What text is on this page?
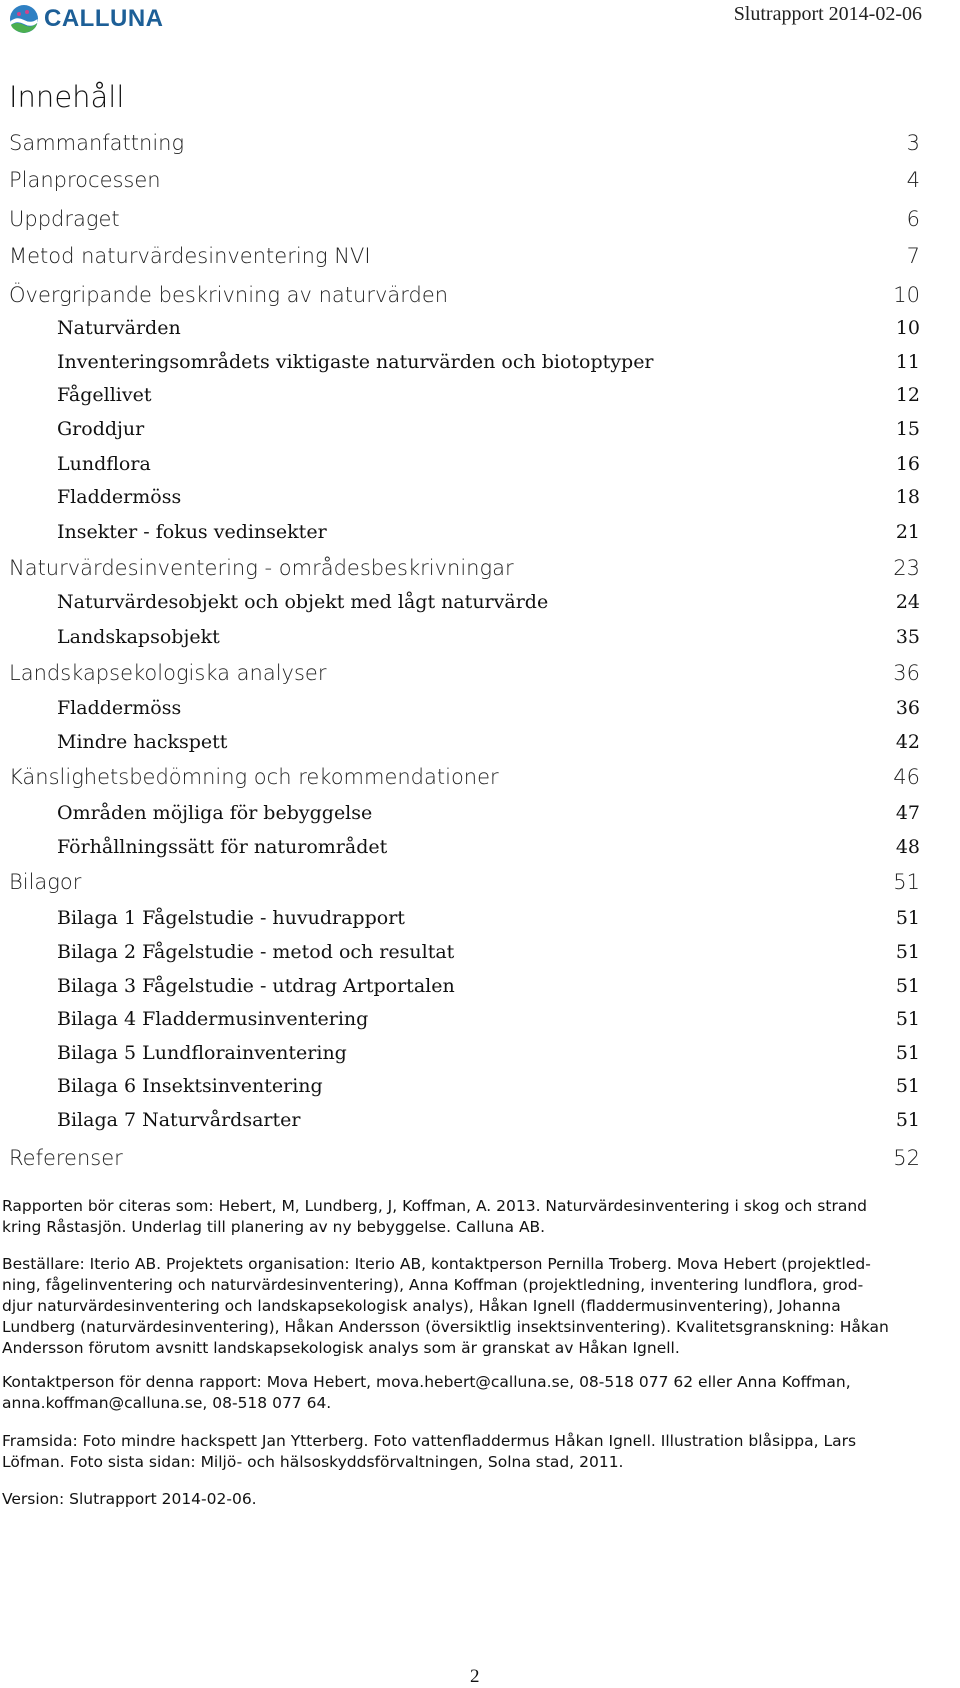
CALLUNA	Slutrapport 2014-02-06
Innehåll
Sammanfattning	3
Planprocessen	4
Uppdraget	6
Metod naturvärdesinventering NVI	7
Övergripande beskrivning av naturvärden	10
Naturvärden	10
Inventeringsområdets viktigaste naturvärden och biotoptyper	11
Fågellivet	12
Groddjur	15
Lundflora	16
Fladdermöss	18
Insekter - fokus vedinsekter	21
Naturvärdesinventering - områdesbeskrivningar	23
Naturvärdesobjekt och objekt med lågt naturvärde	24
Landskapsobjekt	35
Landskapsekologiska analyser	36
Fladdermöss	36
Mindre hackspett	42
Känslighetsbedömning och rekommendationer	46
Områden möjliga för bebyggelse	47
Förhållningssätt för naturområdet	48
Bilagor	51
Bilaga 1 Fågelstudie - huvudrapport	51
Bilaga 2 Fågelstudie - metod och resultat	51
Bilaga 3 Fågelstudie - utdrag Artportalen	51
Bilaga 4 Fladdermusinventering	51
Bilaga 5 Lundflorainventering	51
Bilaga 6 Insektsinventering	51
Bilaga 7 Naturvårdsarter	51
Referenser	52

Rapporten bör citeras som: Hebert, M, Lundberg, J, Koffman, A. 2013. Naturvärdesinventering i skog och strand

kring Råstasjön. Underlag till planering av ny bebyggelse. Calluna AB.

Beställare: Iterio AB. Projektets organisation: Iterio AB, kontaktperson Pernilla Troberg. Mova Hebert (projektled-

ning, fågelinventering och naturvärdesinventering), Anna Koffman (projektledning, inventering lundflora, grod-

djur naturvärdesinventering och landskapsekologisk analys), Håkan Ignell (fladdermusinventering), Johanna

Lundberg (naturvärdesinventering), Håkan Andersson (översiktlig insektsinventering). Kvalitetsgranskning: Håkan

Andersson förutom avsnitt landskapsekologisk analys som är granskat av Håkan Ignell.

Kontaktperson för denna rapport: Mova Hebert, mova.hebert@calluna.se, 08-518 077 62 eller Anna Koffman,

anna.koffman@calluna.se, 08-518 077 64.

Framsida: Foto mindre hackspett Jan Ytterberg. Foto vattenfladdermus Håkan Ignell. Illustration blåsippa, Lars

Löfman. Foto sista sidan: Miljö- och hälsoskyddsförvaltningen, Solna stad, 2011.

Version: Slutrapport 2014-02-06.

2
